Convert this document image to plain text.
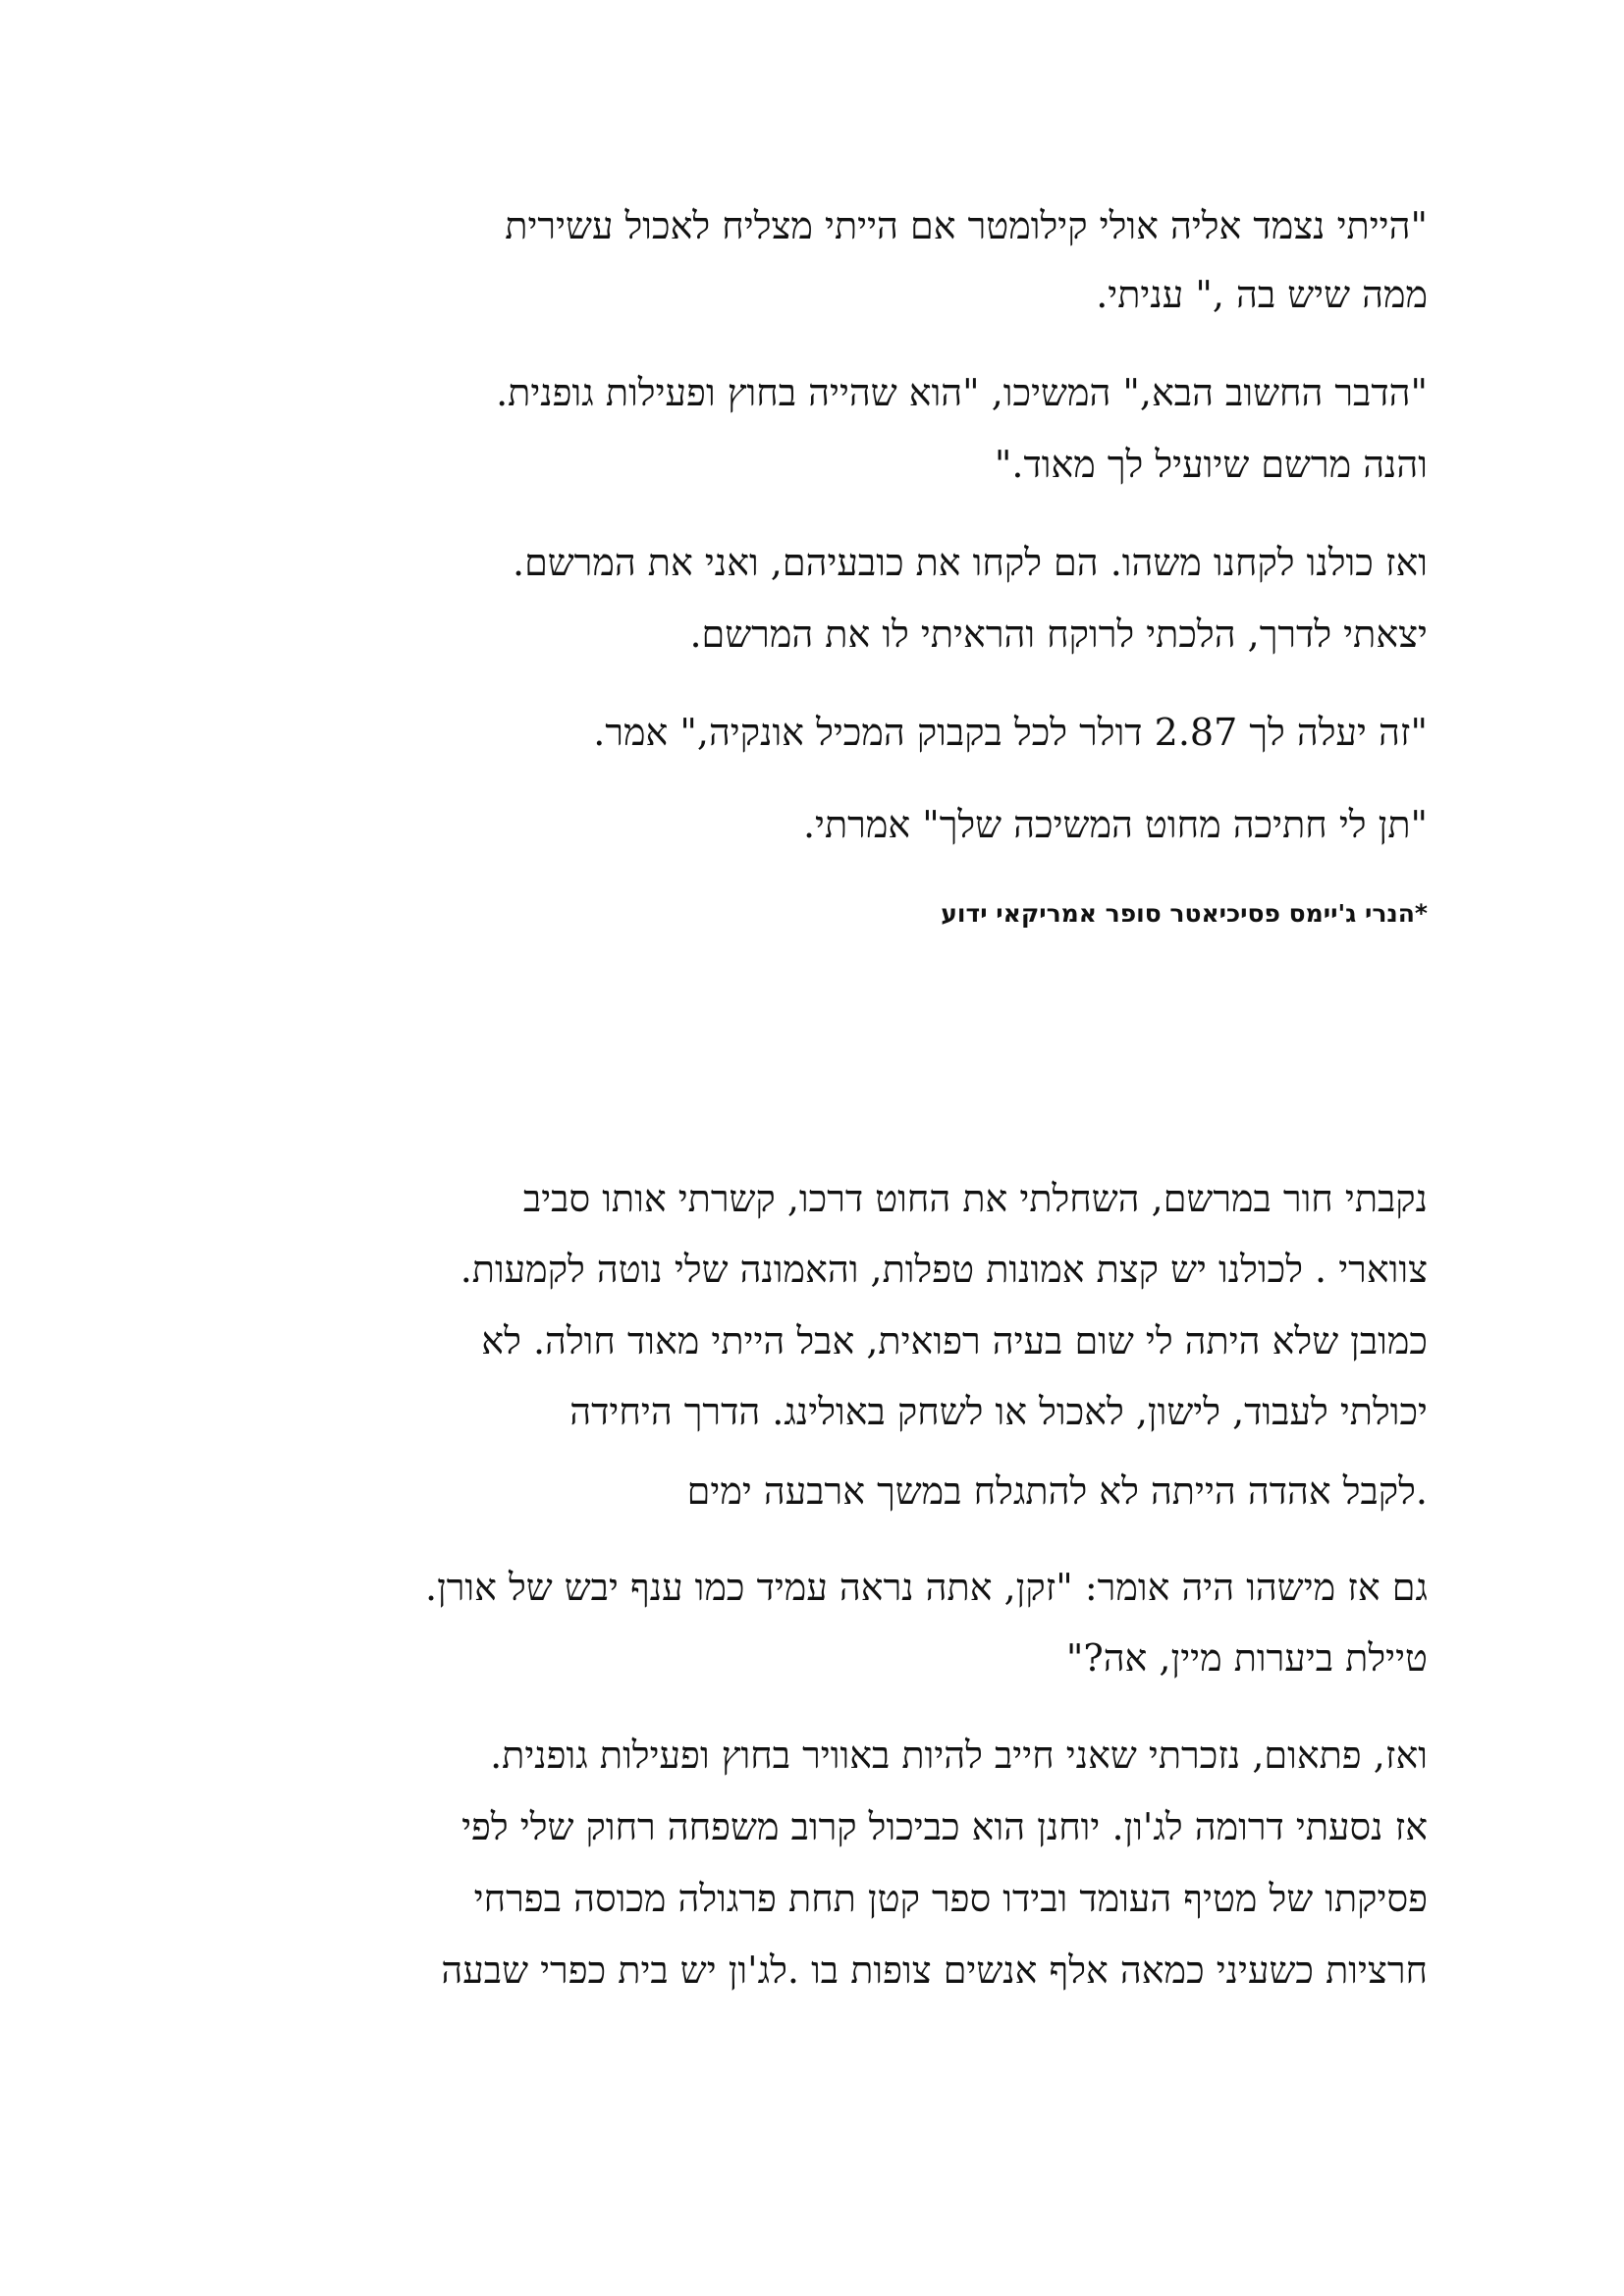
"הייתי נצמד אליה אולי קילומטר אם הייתי מצליח לאכול עשירית
ממה שיש בה ," עניתי.
"הדבר החשוב הבא," המשיכו, "הוא שהייה בחוץ ופעילות גופנית.
והנה מרשם שיועיל לך מאוד."
ואז כולנו לקחנו משהו. הם לקחו את כובעיהם, ואני את המרשם.
יצאתי לדרך, הלכתי לרוקח והראיתי לו את המרשם.
"זה יעלה לך 2.87 דולר לכל בקבוק המכיל אונקיה," אמר.
"תן לי חתיכה מחוט המשיכה שלך" אמרתי.
*הנרי ג'יימס פסיכיאטר סופר אמריקאי ידוע
נקבתי חור במרשם, השחלתי את החוט דרכו, קשרתי אותו סביב
צווארי . לכולנו יש קצת אמונות טפלות, והאמונה שלי נוטה לקמעות.
כמובן שלא היתה לי שום בעיה רפואית, אבל הייתי מאוד חולה. לא
יכולתי לעבוד, לישון, לאכול או לשחק באולינג. הדרך היחידה
.לקבל אהדה הייתה לא להתגלח במשך ארבעה ימים
גם אז מישהו היה אומר: "זקן, אתה נראה עמיד כמו ענף יבש של אורן.
טיילת ביערות מיין, אה?"
ואז, פתאום, נזכרתי שאני חייב להיות באוויר בחוץ ופעילות גופנית.
אז נסעתי דרומה לג'ון. יוחנן הוא כביכול קרוב משפחה רחוק שלי לפי
פסיקתו של מטיף העומד ובידו ספר קטן תחת פרגולה מכוסה בפרחי
חרציות כשעיני כמאה אלף אנשים צופות בו .לג'ון יש בית כפרי שבעה
